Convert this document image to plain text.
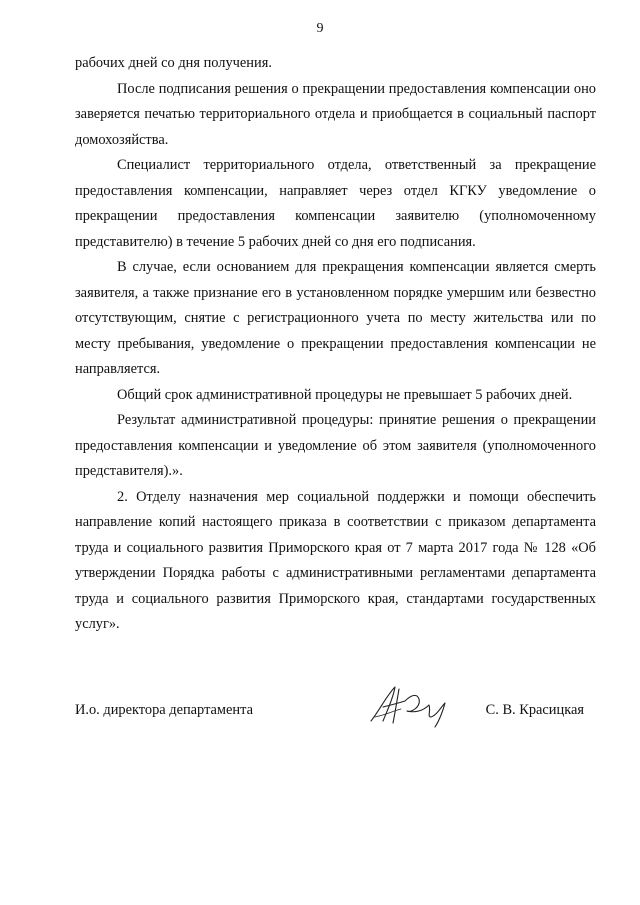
9

рабочих дней со дня получения.

После подписания решения о прекращении предоставления компенсации оно заверяется печатью территориального отдела и приобщается в социальный паспорт домохозяйства.

Специалист территориального отдела, ответственный за прекращение предоставления компенсации, направляет через отдел КГКУ уведомление о прекращении предоставления компенсации заявителю (уполномоченному представителю) в течение 5 рабочих дней со дня его подписания.

В случае, если основанием для прекращения компенсации является смерть заявителя, а также признание его в установленном порядке умершим или безвестно отсутствующим, снятие с регистрационного учета по месту жительства или по месту пребывания, уведомление о прекращении предоставления компенсации не направляется.

Общий срок административной процедуры не превышает 5 рабочих дней.

Результат административной процедуры: принятие решения о прекращении предоставления компенсации и уведомление об этом заявителя (уполномоченного представителя).».

2. Отделу назначения мер социальной поддержки и помощи обеспечить направление копий настоящего приказа в соответствии с приказом департамента труда и социального развития Приморского края от 7 марта 2017 года № 128 «Об утверждении Порядка работы с административными регламентами департамента труда и социального развития Приморского края, стандартами государственных услуг».

И.о. директора департамента	С. В. Красицкая
